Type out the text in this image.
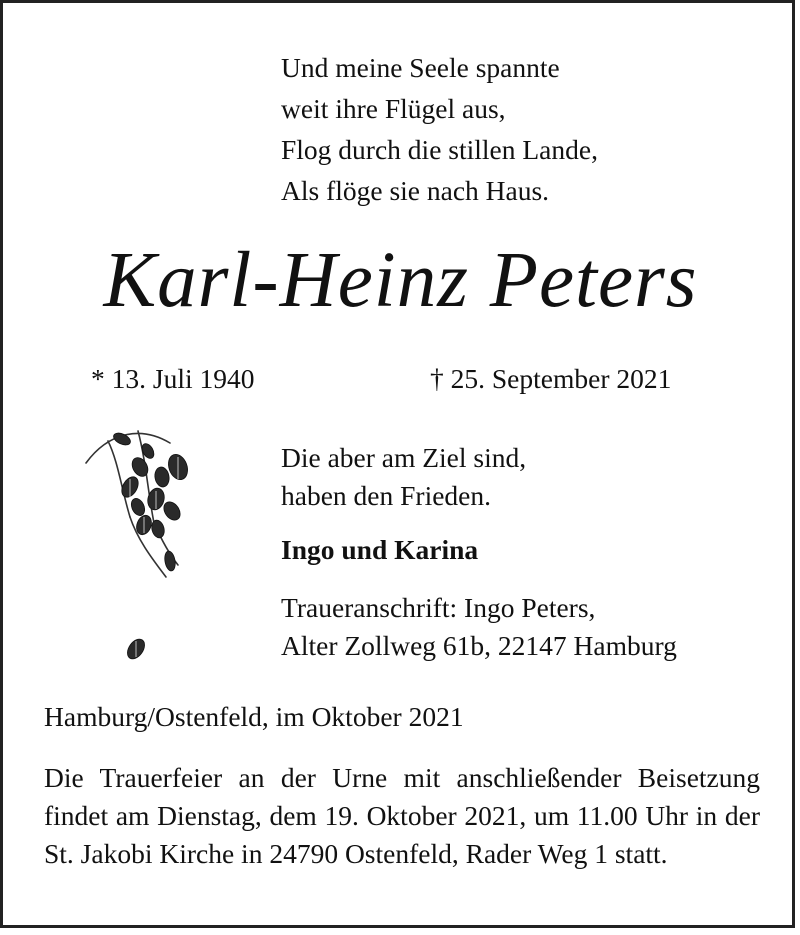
Und meine Seele spannte
weit ihre Flügel aus,
Flog durch die stillen Lande,
Als flöge sie nach Haus.
Karl-Heinz Peters
* 13. Juli 1940	† 25. September 2021
Die aber am Ziel sind,
haben den Frieden.
Ingo und Karina
Traueranschrift: Ingo Peters,
Alter Zollweg 61b, 22147 Hamburg
Hamburg/Ostenfeld, im Oktober 2021
Die Trauerfeier an der Urne mit anschließender Beisetzung findet am Dienstag, dem 19. Oktober 2021, um 11.00 Uhr in der St. Jakobi Kirche in 24790 Ostenfeld, Rader Weg 1 statt.
